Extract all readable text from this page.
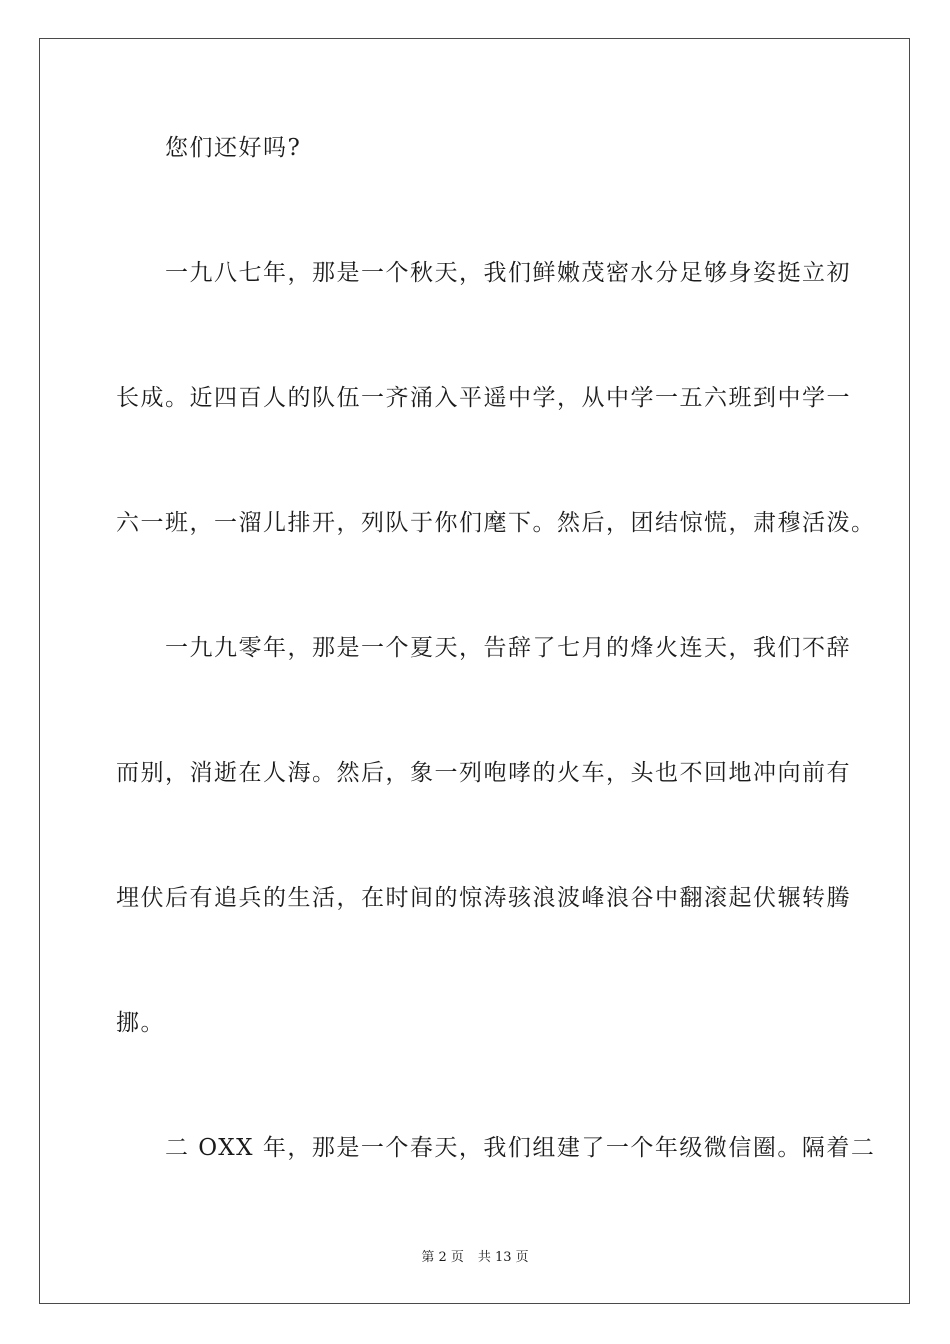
您们还好吗?
一九八七年，那是一个秋天，我们鲜嫩茂密水分足够身姿挺立初
长成。近四百人的队伍一齐涌入平遥中学，从中学一五六班到中学一
六一班，一溜儿排开，列队于你们麾下。然后，团结惊慌，肃穆活泼。
一九九零年，那是一个夏天，告辞了七月的烽火连天，我们不辞
而别，消逝在人海。然后，象一列咆哮的火车，头也不回地冲向前有
埋伏后有追兵的生活，在时间的惊涛骇浪波峰浪谷中翻滚起伏辗转腾
挪。
二 OXX 年，那是一个春天，我们组建了一个年级微信圈。隔着二
第 2 页 共 13 页
